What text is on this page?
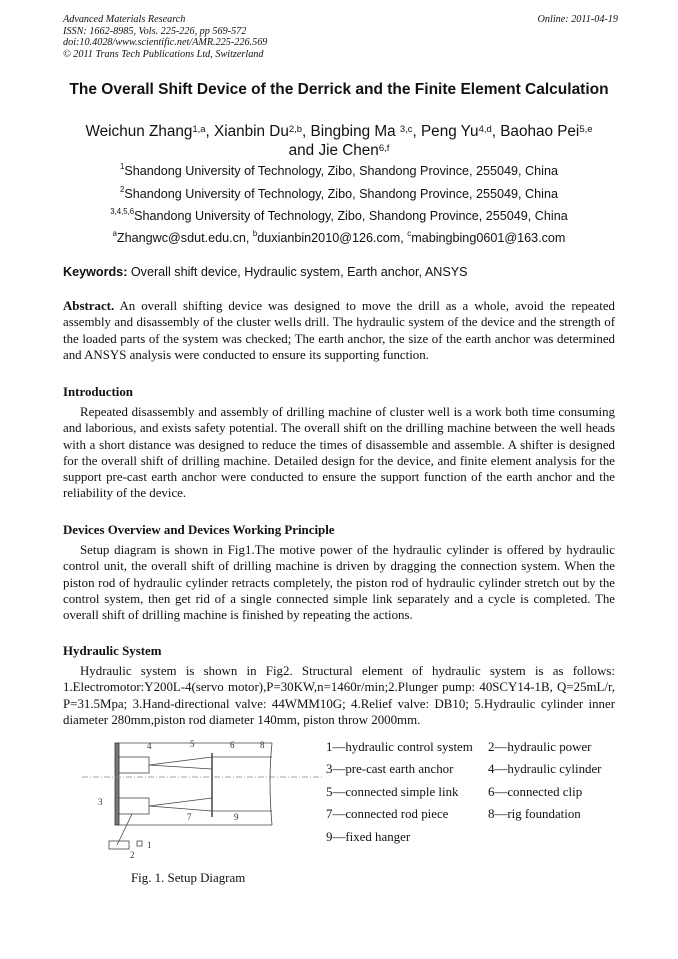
Advanced Materials Research
ISSN: 1662-8985, Vols. 225-226, pp 569-572
doi:10.4028/www.scientific.net/AMR.225-226.569
© 2011 Trans Tech Publications Ltd, Switzerland
Online: 2011-04-19
The Overall Shift Device of the Derrick and the Finite Element Calculation
Weichun Zhang$^{1,a}$, Xianbin Du$^{2,b}$, Bingbing Ma $^{3,c}$, Peng Yu$^{4,d}$, Baohao Pei$^{5,e}$
and Jie Chen$^{6,f}$
$^1$Shandong University of Technology, Zibo, Shandong Province, 255049, China
$^2$Shandong University of Technology, Zibo, Shandong Province, 255049, China
$^{3,4,5,6}$Shandong University of Technology, Zibo, Shandong Province, 255049, China
$^a$Zhangwc@sdut.edu.cn, $^b$duxianbin2010@126.com, $^c$mabingbing0601@163.com
Keywords: Overall shift device, Hydraulic system, Earth anchor, ANSYS
Abstract. An overall shifting device was designed to move the drill as a whole, avoid the repeated assembly and disassembly of the cluster wells drill. The hydraulic system of the device and the strength of the loaded parts of the system was checked; The earth anchor, the size of the earth anchor was determined and ANSYS analysis were conducted to ensure its supporting function.
Introduction
Repeated disassembly and assembly of drilling machine of cluster well is a work both time consuming and laborious, and exists safety potential. The overall shift on the drilling machine between the well heads with a short distance was designed to reduce the times of disassemble and assemble. A shifter is designed for the overall shift of drilling machine. Detailed design for the device, and finite element analysis for the support pre-cast earth anchor were conducted to ensure the support function of the earth anchor and the reliability of the device.
Devices Overview and Devices Working Principle
Setup diagram is shown in Fig1.The motive power of the hydraulic cylinder is offered by hydraulic control unit, the overall shift of drilling machine is driven by dragging the connection system. When the piston rod of hydraulic cylinder retracts completely, the piston rod of hydraulic cylinder stretch out by the control system, then get rid of a single connected simple link separately and a cycle is completed. The overall shift of drilling machine is finished by repeating the actions.
Hydraulic System
Hydraulic system is shown in Fig2. Structural element of hydraulic system is as follows: 1.Electromotor:Y200L-4(servo motor),P=30KW,n=1460r/min;2.Plunger pump: 40SCY14-1B, Q=25mL/r, P=31.5Mpa; 3.Hand-directional valve: 44WMM10G; 4.Relief valve: DB10; 5.Hydraulic cylinder inner diameter 280mm,piston rod diameter 140mm, piston throw 2000mm.
3
1
2
4	5	6	8
7	9
1—hydraulic control system 2—hydraulic power
3—pre-cast earth anchor	4—hydraulic cylinder
5—connected simple link 6—connected clip
7—connected rod piece	8—rig foundation
9—fixed hanger
Fig. 1. Setup Diagram
